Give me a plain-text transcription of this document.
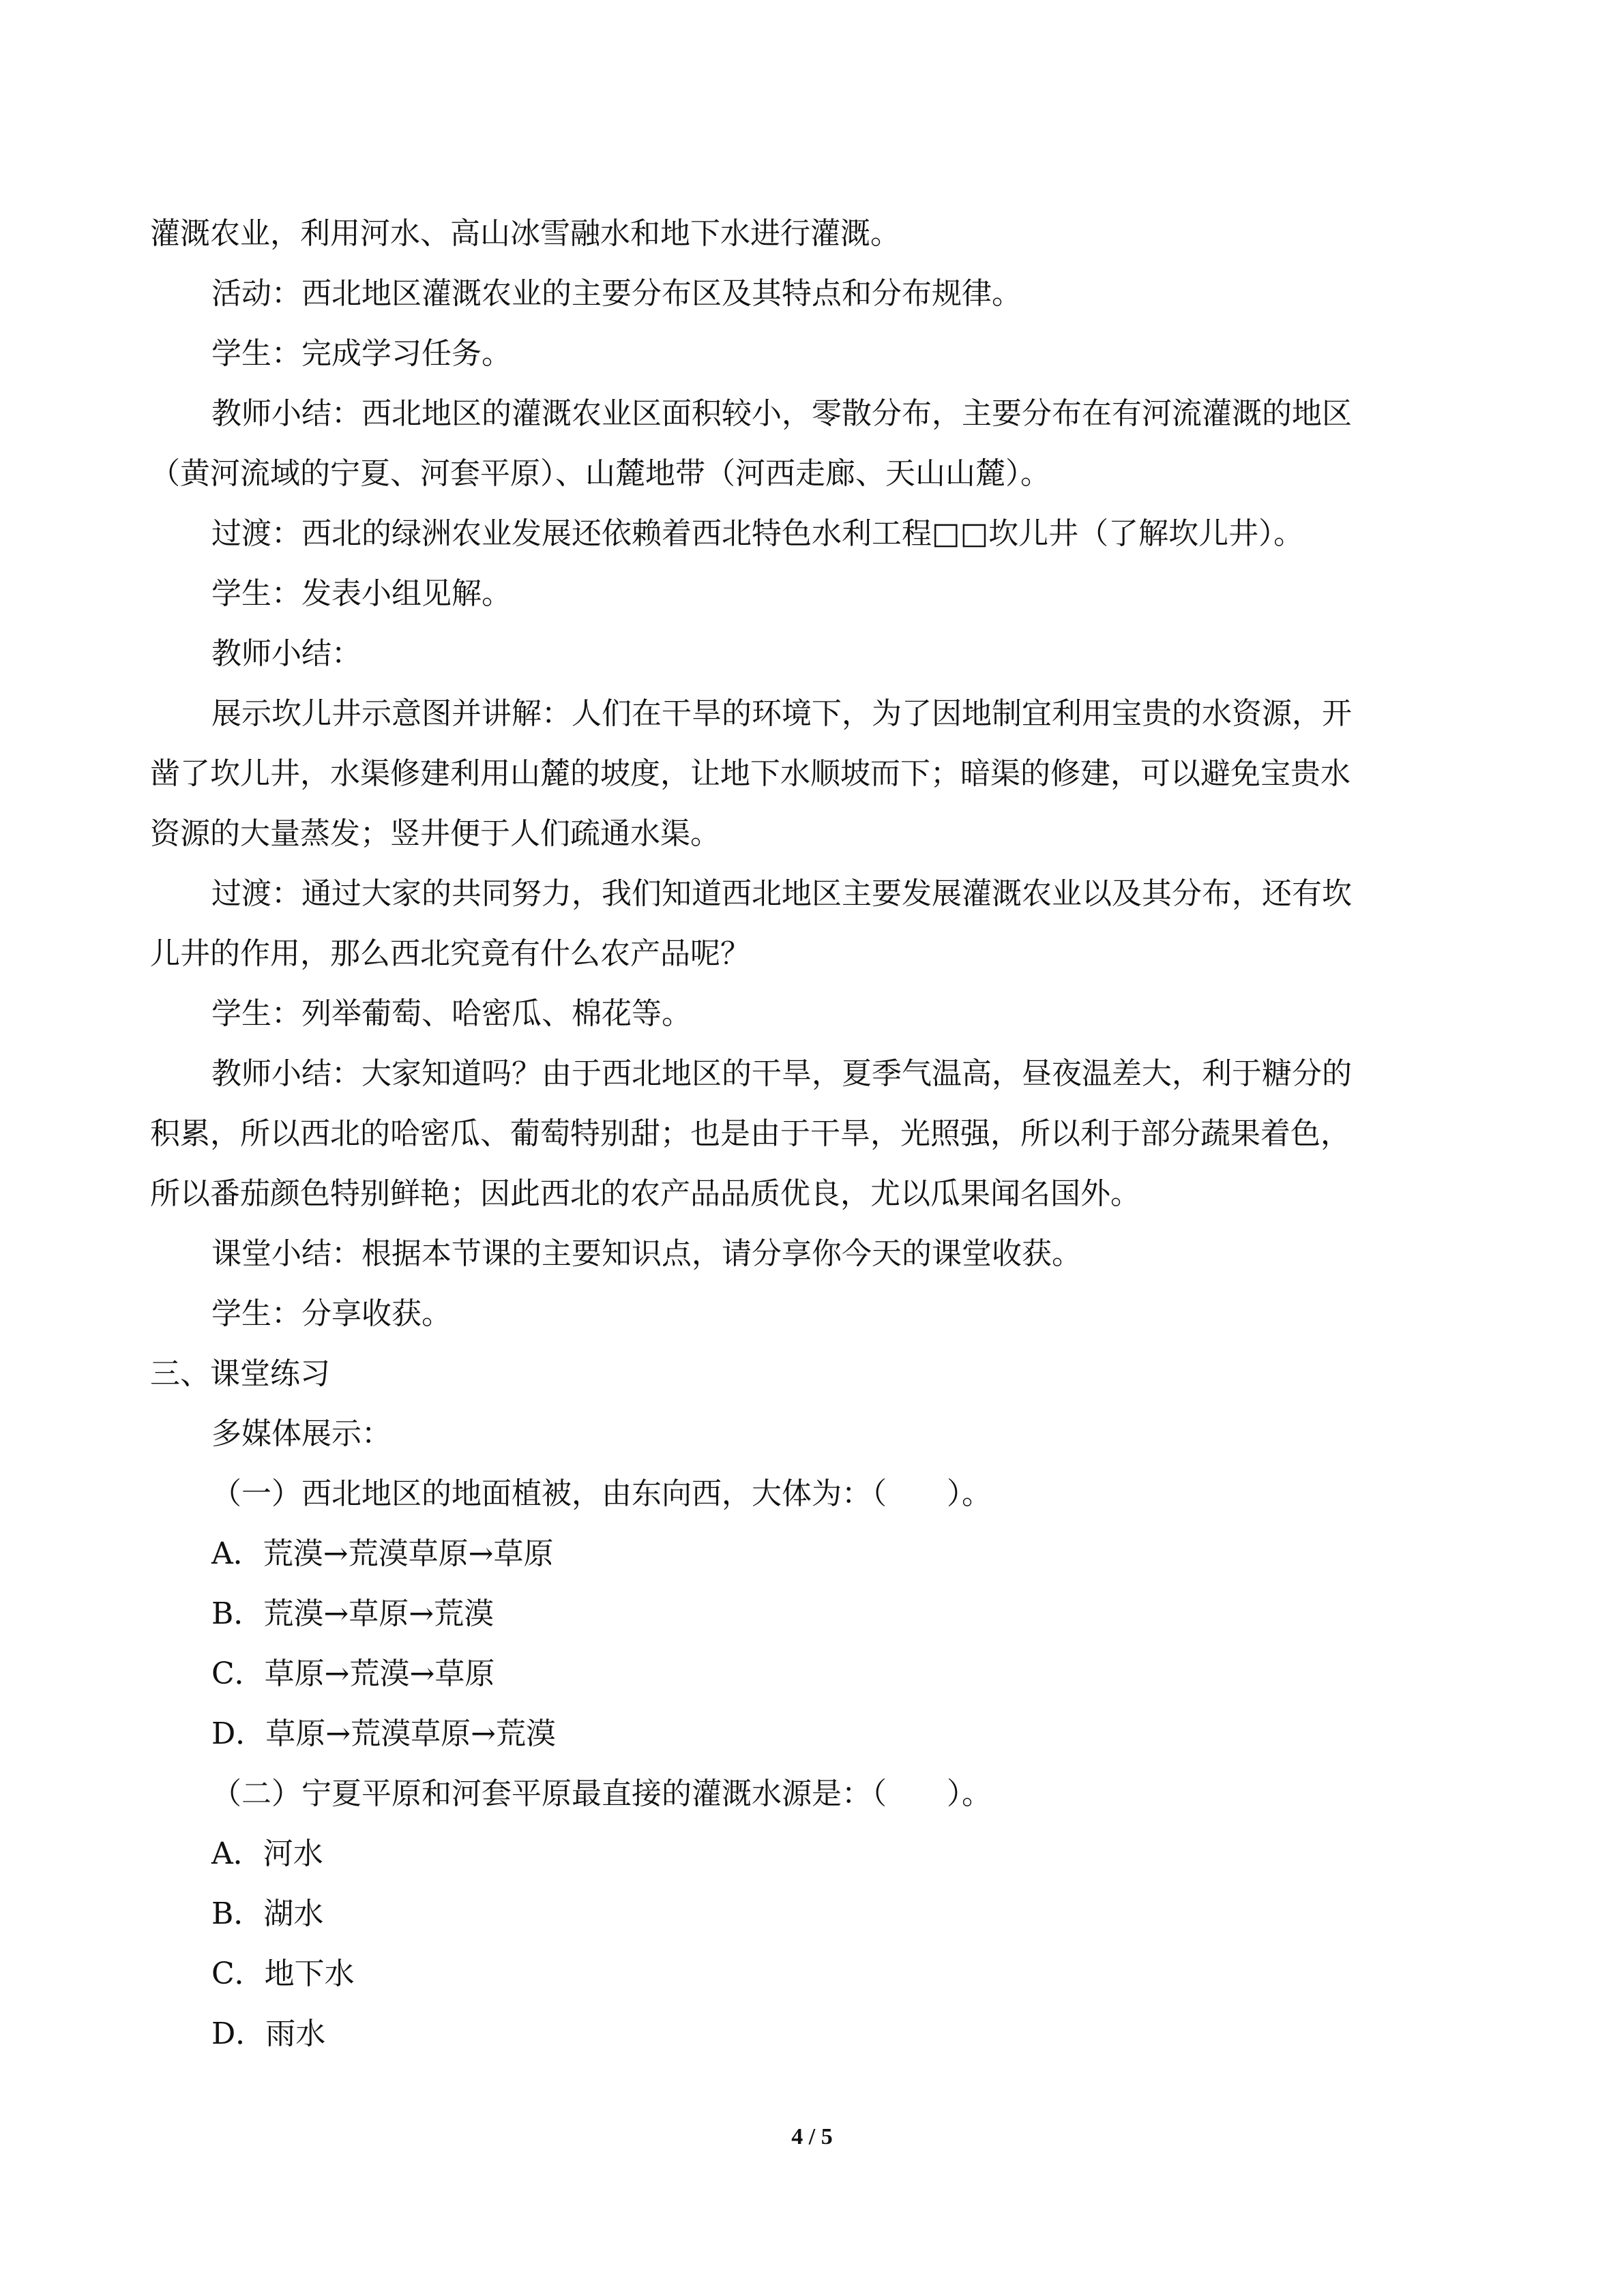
灌溉农业，利用河水、高山冰雪融水和地下水进行灌溉。
活动：西北地区灌溉农业的主要分布区及其特点和分布规律。
学生：完成学习任务。
教师小结：西北地区的灌溉农业区面积较小，零散分布，主要分布在有河流灌溉的地区
（黄河流域的宁夏、河套平原）、山麓地带（河西走廊、天山山麓）。
过渡：西北的绿洲农业发展还依赖着西北特色水利工程□□坎儿井（了解坎儿井）。
学生：发表小组见解。
教师小结：
展示坎儿井示意图并讲解：人们在干旱的环境下，为了因地制宜利用宝贵的水资源，开
凿了坎儿井，水渠修建利用山麓的坡度，让地下水顺坡而下；暗渠的修建，可以避免宝贵水
资源的大量蒸发；竖井便于人们疏通水渠。
过渡：通过大家的共同努力，我们知道西北地区主要发展灌溉农业以及其分布，还有坎
儿井的作用，那么西北究竟有什么农产品呢？
学生：列举葡萄、哈密瓜、棉花等。
教师小结：大家知道吗？由于西北地区的干旱，夏季气温高，昼夜温差大，利于糖分的
积累，所以西北的哈密瓜、葡萄特别甜；也是由于干旱，光照强，所以利于部分蔬果着色，
所以番茄颜色特别鲜艳；因此西北的农产品品质优良，尤以瓜果闻名国外。
课堂小结：根据本节课的主要知识点，请分享你今天的课堂收获。
学生：分享收获。
三、课堂练习
多媒体展示：
（一）西北地区的地面植被，由东向西，大体为：（　　）。
A．荒漠→荒漠草原→草原
B．荒漠→草原→荒漠
C．草原→荒漠→草原
D．草原→荒漠草原→荒漠
（二）宁夏平原和河套平原最直接的灌溉水源是：（　　）。
A．河水
B．湖水
C．地下水
D．雨水
4 / 5
